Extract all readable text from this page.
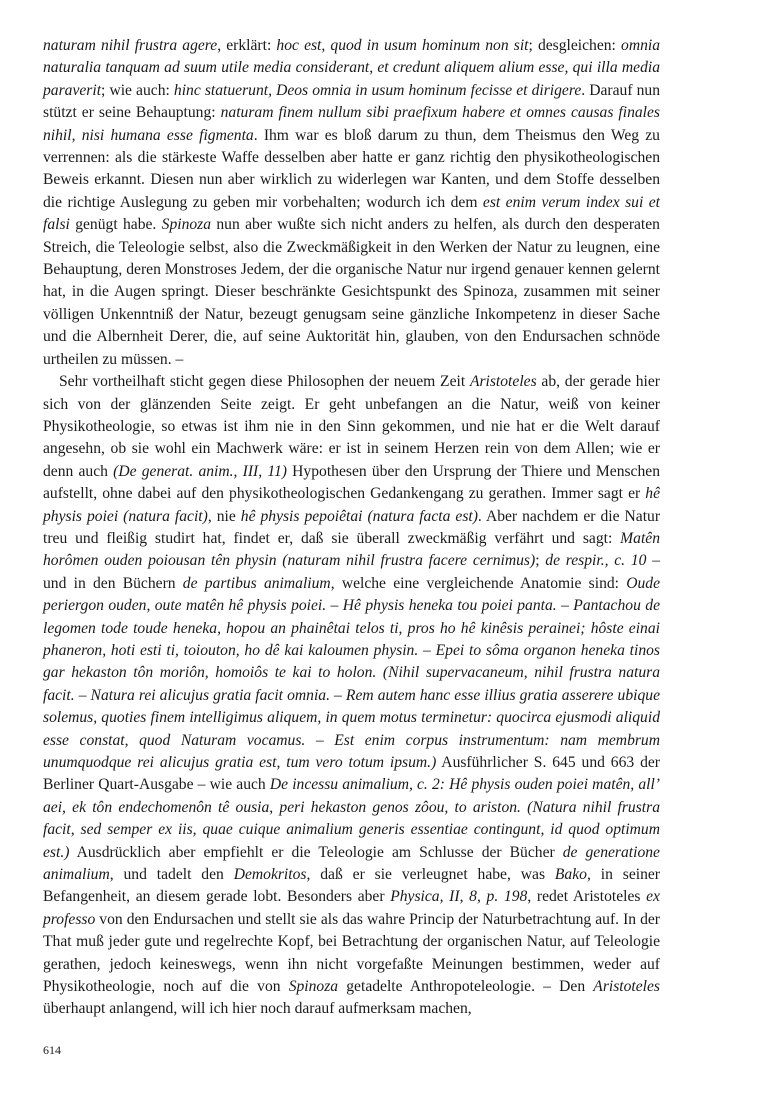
naturam nihil frustra agere, erklärt: hoc est, quod in usum hominum non sit; desgleichen: omnia naturalia tanquam ad suum utile media considerant, et credunt aliquem alium esse, qui illa media paraverit; wie auch: hinc statuerunt, Deos omnia in usum hominum fecisse et dirigere. Darauf nun stützt er seine Behauptung: naturam finem nullum sibi praefixum habere et omnes causas finales nihil, nisi humana esse figmenta. Ihm war es bloß darum zu thun, dem Theismus den Weg zu verrennen: als die stärkeste Waffe desselben aber hatte er ganz richtig den physikotheologischen Beweis erkannt. Diesen nun aber wirklich zu widerlegen war Kanten, und dem Stoffe desselben die richtige Auslegung zu geben mir vorbehalten; wodurch ich dem est enim verum index sui et falsi genügt habe. Spinoza nun aber wußte sich nicht anders zu helfen, als durch den desperaten Streich, die Teleologie selbst, also die Zweckmäßigkeit in den Werken der Natur zu leugnen, eine Behauptung, deren Monstroses Jedem, der die organische Natur nur irgend genauer kennen gelernt hat, in die Augen springt. Dieser beschränkte Gesichtspunkt des Spinoza, zusammen mit seiner völligen Unkenntniß der Natur, bezeugt genugsam seine gänzliche Inkompetenz in dieser Sache und die Albernheit Derer, die, auf seine Auktorität hin, glauben, von den Endursachen schnöde urtheilen zu müssen. –

Sehr vortheilhaft sticht gegen diese Philosophen der neuem Zeit Aristoteles ab, der gerade hier sich von der glänzenden Seite zeigt. Er geht unbefangen an die Natur, weiß von keiner Physikotheologie, so etwas ist ihm nie in den Sinn gekommen, und nie hat er die Welt darauf angesehn, ob sie wohl ein Machwerk wäre: er ist in seinem Herzen rein von dem Allen; wie er denn auch (De generat. anim., III, 11) Hypothesen über den Ursprung der Thiere und Menschen aufstellt, ohne dabei auf den physikotheologischen Gedankengang zu gerathen. Immer sagt er hê physis poiei (natura facit), nie hê physis pepoiêtai (natura facta est). Aber nachdem er die Natur treu und fleißig studirt hat, findet er, daß sie überall zweckmäßig verfährt und sagt: Matên horômen ouden poiousan tên physin (naturam nihil frustra facere cernimus); de respir., c. 10 – und in den Büchern de partibus animalium, welche eine vergleichende Anatomie sind: Oude periergon ouden, oute matên hê physis poiei. – Hê physis heneka tou poiei panta. – Pantachou de legomen tode toude heneka, hopou an phainêtai telos ti, pros ho hê kinêsis perainei; hôste einai phaneron, hoti esti ti, toiouton, ho dê kai kaloumen physin. – Epei to sôma organon heneka tinos gar hekaston tôn moriôn, homoiôs te kai to holon. (Nihil supervacaneum, nihil frustra natura facit. – Natura rei alicujus gratia facit omnia. – Rem autem hanc esse illius gratia asserere ubique solemus, quoties finem intelligimus aliquem, in quem motus terminetur: quocirca ejusmodi aliquid esse constat, quod Naturam vocamus. – Est enim corpus instrumentum: nam membrum unumquodque rei alicujus gratia est, tum vero totum ipsum.) Ausführlicher S. 645 und 663 der Berliner Quart-Ausgabe – wie auch De incessu animalium, c. 2: Hê physis ouden poiei matên, all’ aei, ek tôn endechomenôn tê ousia, peri hekaston genos zôou, to ariston. (Natura nihil frustra facit, sed semper ex iis, quae cuique animalium generis essentiae contingunt, id quod optimum est.) Ausdrücklich aber empfiehlt er die Teleologie am Schlusse der Bücher de generatione animalium, und tadelt den Demokritos, daß er sie verleugnet habe, was Bako, in seiner Befangenheit, an diesem gerade lobt. Besonders aber Physica, II, 8, p. 198, redet Aristoteles ex professo von den Endursachen und stellt sie als das wahre Princip der Naturbetrachtung auf. In der That muß jeder gute und regelrechte Kopf, bei Betrachtung der organischen Natur, auf Teleologie gerathen, jedoch keineswegs, wenn ihn nicht vorgefaßte Meinungen bestimmen, weder auf Physikotheologie, noch auf die von Spinoza getadelte Anthropoteleologie. – Den Aristoteles überhaupt anlangend, will ich hier noch darauf aufmerksam machen,

614
